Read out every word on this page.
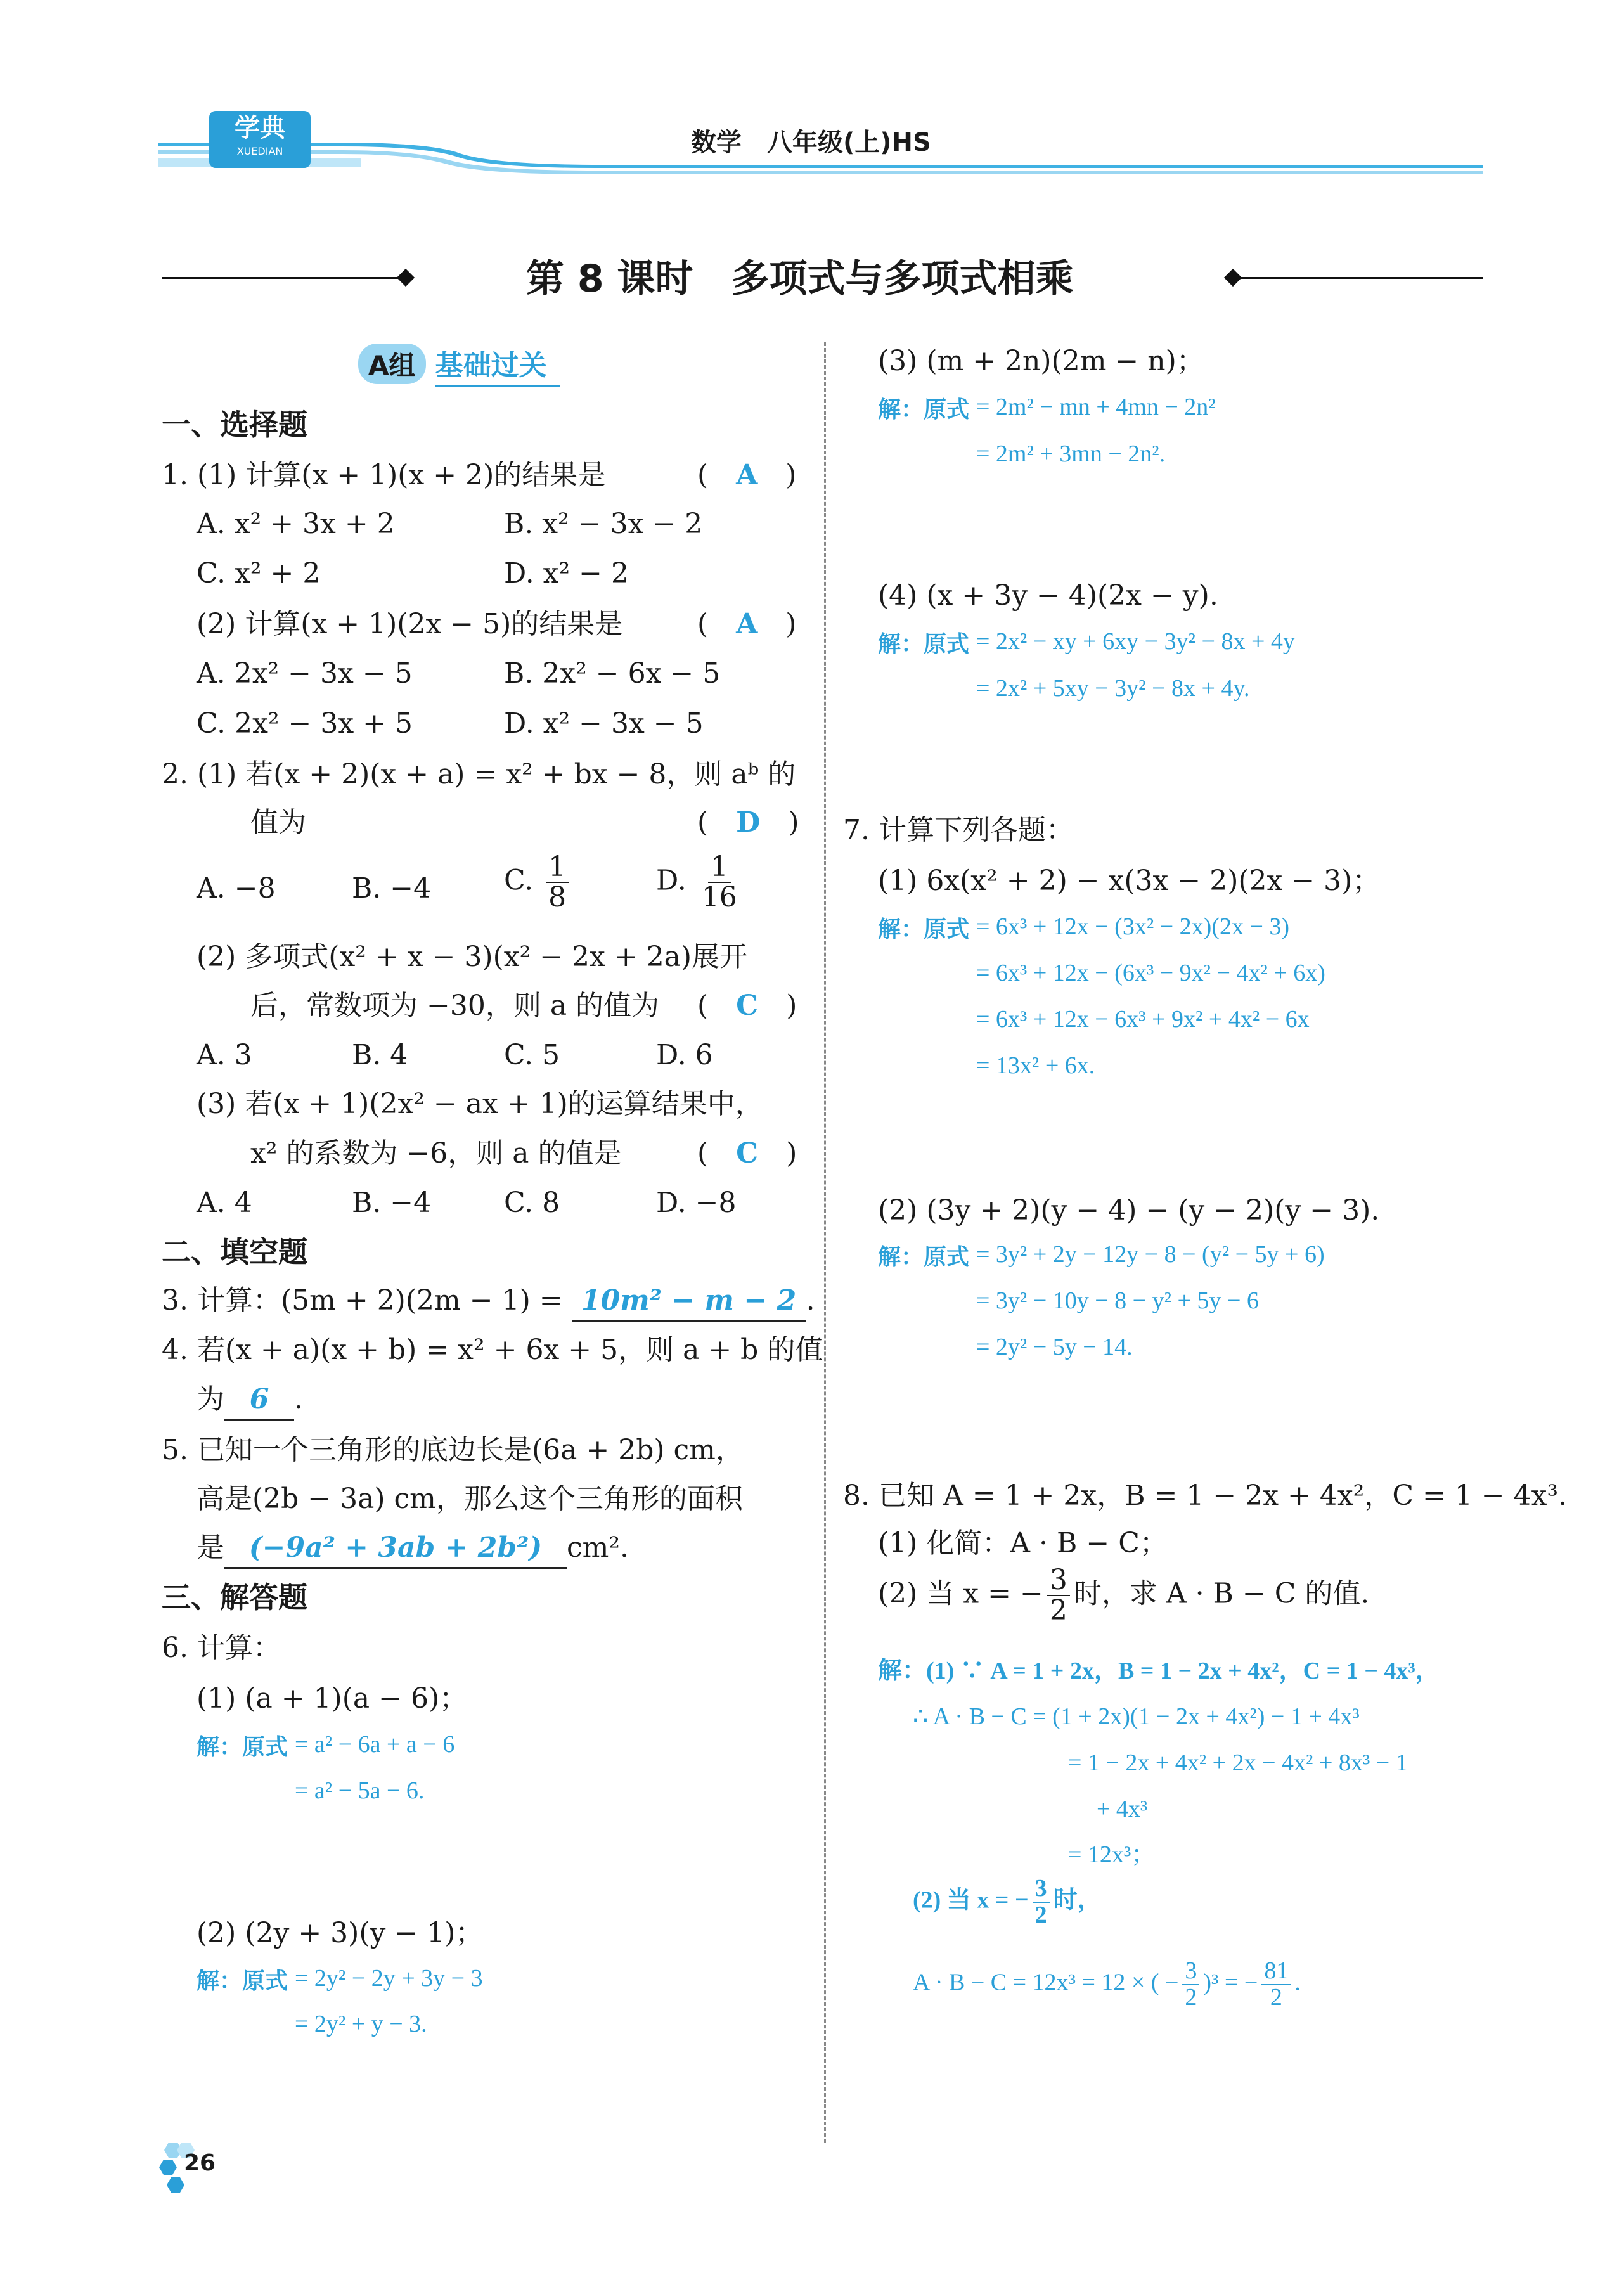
学典
XUEDIAN	数学　八年级(上)HS
第 8 课时　多项式与多项式相乘
A组 基础过关
一、选择题
1. (1) 计算(x + 1)(x + 2)的结果是	(　A　)
A. x² + 3x + 2	B. x² − 3x − 2
C. x² + 2	D. x² − 2
(2) 计算(x + 1)(2x − 5)的结果是	(　A　)
A. 2x² − 3x − 5	B. 2x² − 6x − 5
C. 2x² − 3x + 5	D. x² − 3x − 5
2. (1) 若(x + 2)(x + a) = x² + bx − 8，则 aᵇ 的
值为	(　D　)
A. −8	B. −4	C. $\frac{1}{8}$	D. $\frac{1}{16}$
(2) 多项式(x² + x − 3)(x² − 2x + 2a)展开
后，常数项为 −30，则 a 的值为 (　C　)
A. 3	B. 4	C. 5	D. 6
(3) 若(x + 1)(2x² − ax + 1)的运算结果中，
x² 的系数为 −6，则 a 的值是	(　C　)
A. 4	B. −4	C. 8	D. −8
二、填空题
3. 计算：(5m + 2)(2m − 1) = 10m² − m − 2 .
4. 若(x + a)(x + b) = x² + 6x + 5，则 a + b 的值
为 6 .
5. 已知一个三角形的底边长是(6a + 2b) cm，
高是(2b − 3a) cm，那么这个三角形的面积
是 (−9a² + 3ab + 2b²) cm².
三、解答题
6. 计算：
(1) (a + 1)(a − 6)；
解：原式 = a² − 6a + a − 6
= a² − 5a − 6.
(2) (2y + 3)(y − 1)；
解：原式 = 2y² − 2y + 3y − 3
= 2y² + y − 3.
(3) (m + 2n)(2m − n)；
解：原式 = 2m² − mn + 4mn − 2n²
= 2m² + 3mn − 2n².
(4) (x + 3y − 4)(2x − y).
解：原式 = 2x² − xy + 6xy − 3y² − 8x + 4y
= 2x² + 5xy − 3y² − 8x + 4y.
7. 计算下列各题：
(1) 6x(x² + 2) − x(3x − 2)(2x − 3)；
解：原式 = 6x³ + 12x − (3x² − 2x)(2x − 3)
= 6x³ + 12x − (6x³ − 9x² − 4x² + 6x)
= 6x³ + 12x − 6x³ + 9x² + 4x² − 6x
= 13x² + 6x.
(2) (3y + 2)(y − 4) − (y − 2)(y − 3).
解：原式 = 3y² + 2y − 12y − 8 − (y² − 5y + 6)
= 3y² − 10y − 8 − y² + 5y − 6
= 2y² − 5y − 14.
8. 已知 A = 1 + 2x，B = 1 − 2x + 4x²，C = 1 − 4x³.
(1) 化简：A · B − C；
(2) 当 x = − $\frac{3}{2}$ 时，求 A · B − C 的值.
解：(1) ∵ A = 1 + 2x，B = 1 − 2x + 4x²，C = 1 − 4x³，
∴ A · B − C = (1 + 2x)(1 − 2x + 4x²) − 1 + 4x³
= 1 − 2x + 4x² + 2x − 4x² + 8x³ − 1
+ 4x³
= 12x³；
(2) 当 x = − $\frac{3}{2}$ 时，
A · B − C = 12x³ = 12 × ( − $\frac{3}{2} )^3$ = − $\frac{81}{2}$ .
26
